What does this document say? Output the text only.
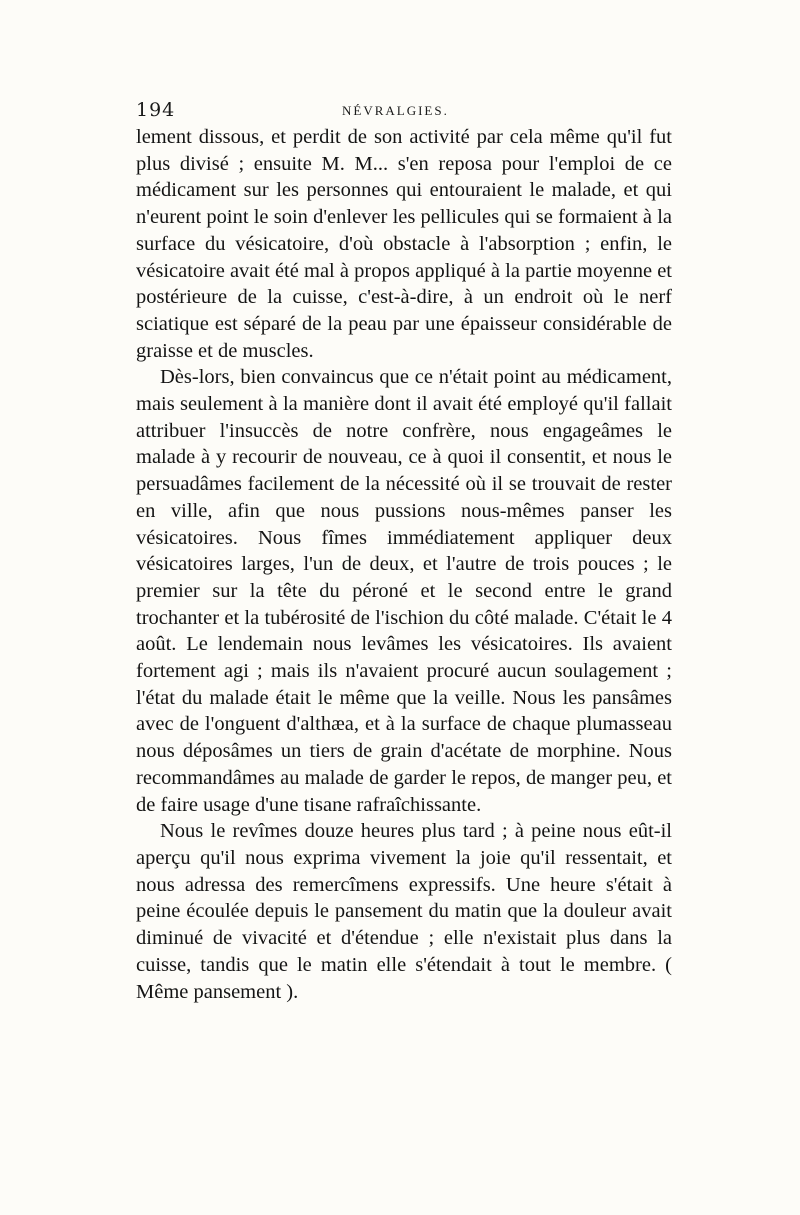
194	NÉVRALGIES.

lement dissous, et perdit de son activité par cela même qu'il fut plus divisé ; ensuite M. M... s'en reposa pour l'emploi de ce médicament sur les personnes qui entouraient le malade, et qui n'eurent point le soin d'enlever les pellicules qui se formaient à la surface du vésicatoire, d'où obstacle à l'absorption ; enfin, le vésicatoire avait été mal à propos appliqué à la partie moyenne et postérieure de la cuisse, c'est-à-dire, à un endroit où le nerf sciatique est séparé de la peau par une épaisseur considérable de graisse et de muscles.

Dès-lors, bien convaincus que ce n'était point au médicament, mais seulement à la manière dont il avait été employé qu'il fallait attribuer l'insuccès de notre confrère, nous engageâmes le malade à y recourir de nouveau, ce à quoi il consentit, et nous le persuadâmes facilement de la nécessité où il se trouvait de rester en ville, afin que nous pussions nous-mêmes panser les vésicatoires. Nous fîmes immédiatement appliquer deux vésicatoires larges, l'un de deux, et l'autre de trois pouces ; le premier sur la tête du péroné et le second entre le grand trochanter et la tubérosité de l'ischion du côté malade. C'était le 4 août. Le lendemain nous levâmes les vésicatoires. Ils avaient fortement agi ; mais ils n'avaient procuré aucun soulagement ; l'état du malade était le même que la veille. Nous les pansâmes avec de l'onguent d'althæa, et à la surface de chaque plumasseau nous déposâmes un tiers de grain d'acétate de morphine. Nous recommandâmes au malade de garder le repos, de manger peu, et de faire usage d'une tisane rafraîchissante.

Nous le revîmes douze heures plus tard ; à peine nous eût-il aperçu qu'il nous exprima vivement la joie qu'il ressentait, et nous adressa des remercîmens expressifs. Une heure s'était à peine écoulée depuis le pansement du matin que la douleur avait diminué de vivacité et d'étendue ; elle n'existait plus dans la cuisse, tandis que le matin elle s'étendait à tout le membre. ( Même pansement ).
